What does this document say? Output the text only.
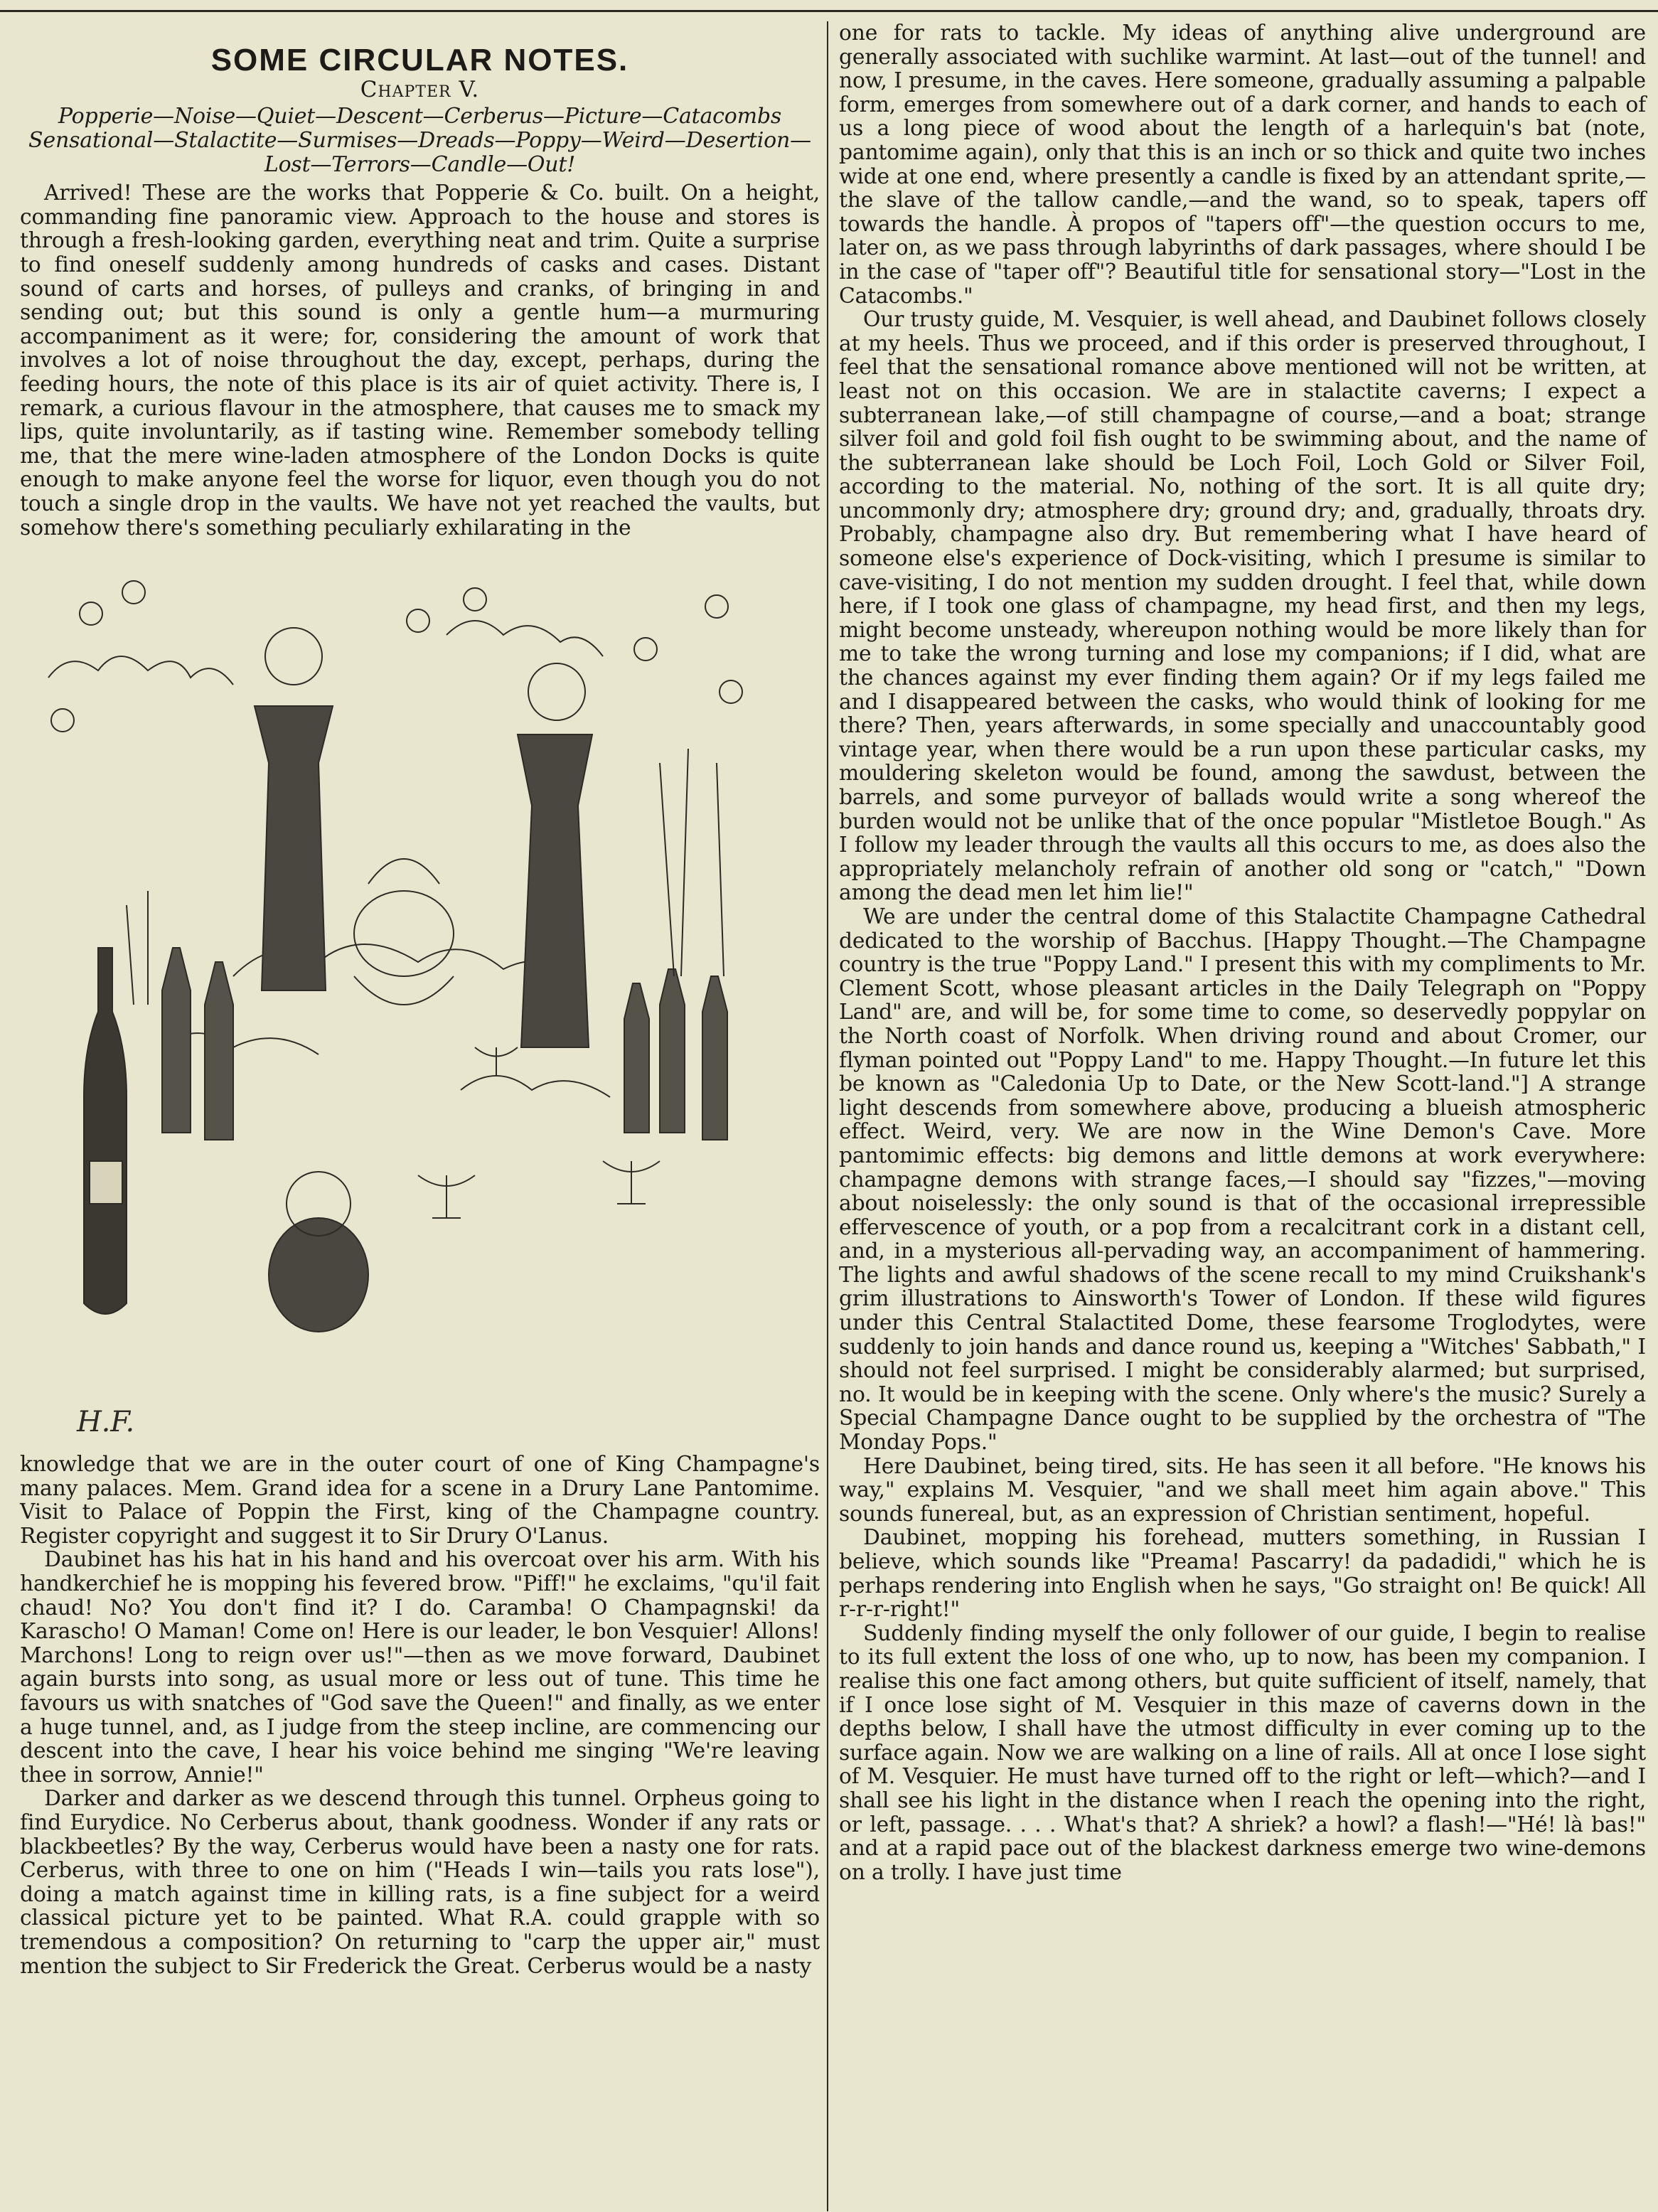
SOME CIRCULAR NOTES.
Chapter V.
Popperie—Noise—Quiet—Descent—Cerberus—Picture—Catacombs Sensational—Stalactite—Surmises—Dreads—Poppy—Weird—Desertion—Lost—Terrors—Candle—Out!

Arrived! These are the works that Popperie & Co. built. On a height, commanding fine panoramic view. Approach to the house and stores is through a fresh-looking garden, everything neat and trim. Quite a surprise to find oneself suddenly among hundreds of casks and cases. Distant sound of carts and horses, of pulleys and cranks, of bringing in and sending out; but this sound is only a gentle hum—a murmuring accompaniment as it were; for, considering the amount of work that involves a lot of noise throughout the day, except, perhaps, during the feeding hours, the note of this place is its air of quiet activity. There is, I remark, a curious flavour in the atmosphere, that causes me to smack my lips, quite involuntarily, as if tasting wine. Remember somebody telling me, that the mere wine-laden atmosphere of the London Docks is quite enough to make anyone feel the worse for liquor, even though you do not touch a single drop in the vaults. We have not yet reached the vaults, but somehow there's something peculiarly exhilarating in the

H.F.

knowledge that we are in the outer court of one of King Champagne's many palaces. Mem. Grand idea for a scene in a Drury Lane Pantomime. Visit to Palace of Poppin the First, king of the Champagne country. Register copyright and suggest it to Sir Drury O'Lanus.

Daubinet has his hat in his hand and his overcoat over his arm. With his handkerchief he is mopping his fevered brow. "Piff!" he exclaims, "qu'il fait chaud! No? You don't find it? I do. Caramba! O Champagnski! da Karascho! O Maman! Come on! Here is our leader, le bon Vesquier! Allons! Marchons! Long to reign over us!"—then as we move forward, Daubinet again bursts into song, as usual more or less out of tune. This time he favours us with snatches of "God save the Queen!" and finally, as we enter a huge tunnel, and, as I judge from the steep incline, are commencing our descent into the cave, I hear his voice behind me singing "We're leaving thee in sorrow, Annie!"

Darker and darker as we descend through this tunnel. Orpheus going to find Eurydice. No Cerberus about, thank goodness. Wonder if any rats or blackbeetles? By the way, Cerberus would have been a nasty one for rats. Cerberus, with three to one on him ("Heads I win—tails you rats lose"), doing a match against time in killing rats, is a fine subject for a weird classical picture yet to be painted. What R.A. could grapple with so tremendous a composition? On returning to "carp the upper air," must mention the subject to Sir Frederick the Great. Cerberus would be a nasty

one for rats to tackle. My ideas of anything alive underground are generally associated with suchlike warmint. At last—out of the tunnel! and now, I presume, in the caves. Here someone, gradually assuming a palpable form, emerges from somewhere out of a dark corner, and hands to each of us a long piece of wood about the length of a harlequin's bat (note, pantomime again), only that this is an inch or so thick and quite two inches wide at one end, where presently a candle is fixed by an attendant sprite,—the slave of the tallow candle,—and the wand, so to speak, tapers off towards the handle. À propos of "tapers off"—the question occurs to me, later on, as we pass through labyrinths of dark passages, where should I be in the case of "taper off"? Beautiful title for sensational story—"Lost in the Catacombs."

Our trusty guide, M. Vesquier, is well ahead, and Daubinet follows closely at my heels. Thus we proceed, and if this order is preserved throughout, I feel that the sensational romance above mentioned will not be written, at least not on this occasion. We are in stalactite caverns; I expect a subterranean lake,—of still champagne of course,—and a boat; strange silver foil and gold foil fish ought to be swimming about, and the name of the subterranean lake should be Loch Foil, Loch Gold or Silver Foil, according to the material. No, nothing of the sort. It is all quite dry; uncommonly dry; atmosphere dry; ground dry; and, gradually, throats dry. Probably, champagne also dry. But remembering what I have heard of someone else's experience of Dock-visiting, which I presume is similar to cave-visiting, I do not mention my sudden drought. I feel that, while down here, if I took one glass of champagne, my head first, and then my legs, might become unsteady, whereupon nothing would be more likely than for me to take the wrong turning and lose my companions; if I did, what are the chances against my ever finding them again? Or if my legs failed me and I disappeared between the casks, who would think of looking for me there? Then, years afterwards, in some specially and unaccountably good vintage year, when there would be a run upon these particular casks, my mouldering skeleton would be found, among the sawdust, between the barrels, and some purveyor of ballads would write a song whereof the burden would not be unlike that of the once popular "Mistletoe Bough." As I follow my leader through the vaults all this occurs to me, as does also the appropriately melancholy refrain of another old song or "catch," "Down among the dead men let him lie!"

We are under the central dome of this Stalactite Champagne Cathedral dedicated to the worship of Bacchus. [Happy Thought.—The Champagne country is the true "Poppy Land." I present this with my compliments to Mr. Clement Scott, whose pleasant articles in the Daily Telegraph on "Poppy Land" are, and will be, for some time to come, so deservedly poppylar on the North coast of Norfolk. When driving round and about Cromer, our flyman pointed out "Poppy Land" to me. Happy Thought.—In future let this be known as "Caledonia Up to Date, or the New Scott-land."] A strange light descends from somewhere above, producing a blueish atmospheric effect. Weird, very. We are now in the Wine Demon's Cave. More pantomimic effects: big demons and little demons at work everywhere: champagne demons with strange faces,—I should say "fizzes,"—moving about noiselessly: the only sound is that of the occasional irrepressible effervescence of youth, or a pop from a recalcitrant cork in a distant cell, and, in a mysterious all-pervading way, an accompaniment of hammering. The lights and awful shadows of the scene recall to my mind Cruikshank's grim illustrations to Ainsworth's Tower of London. If these wild figures under this Central Stalactited Dome, these fearsome Troglodytes, were suddenly to join hands and dance round us, keeping a "Witches' Sabbath," I should not feel surprised. I might be considerably alarmed; but surprised, no. It would be in keeping with the scene. Only where's the music? Surely a Special Champagne Dance ought to be supplied by the orchestra of "The Monday Pops."

Here Daubinet, being tired, sits. He has seen it all before. "He knows his way," explains M. Vesquier, "and we shall meet him again above." This sounds funereal, but, as an expression of Christian sentiment, hopeful.

Daubinet, mopping his forehead, mutters something, in Russian I believe, which sounds like "Preama! Pascarry! da padadidi," which he is perhaps rendering into English when he says, "Go straight on! Be quick! All r-r-r-right!"

Suddenly finding myself the only follower of our guide, I begin to realise to its full extent the loss of one who, up to now, has been my companion. I realise this one fact among others, but quite sufficient of itself, namely, that if I once lose sight of M. Vesquier in this maze of caverns down in the depths below, I shall have the utmost difficulty in ever coming up to the surface again. Now we are walking on a line of rails. All at once I lose sight of M. Vesquier. He must have turned off to the right or left—which?—and I shall see his light in the distance when I reach the opening into the right, or left, passage. . . . What's that? A shriek? a howl? a flash!—"Hé! là bas!" and at a rapid pace out of the blackest darkness emerge two wine-demons on a trolly. I have just time
